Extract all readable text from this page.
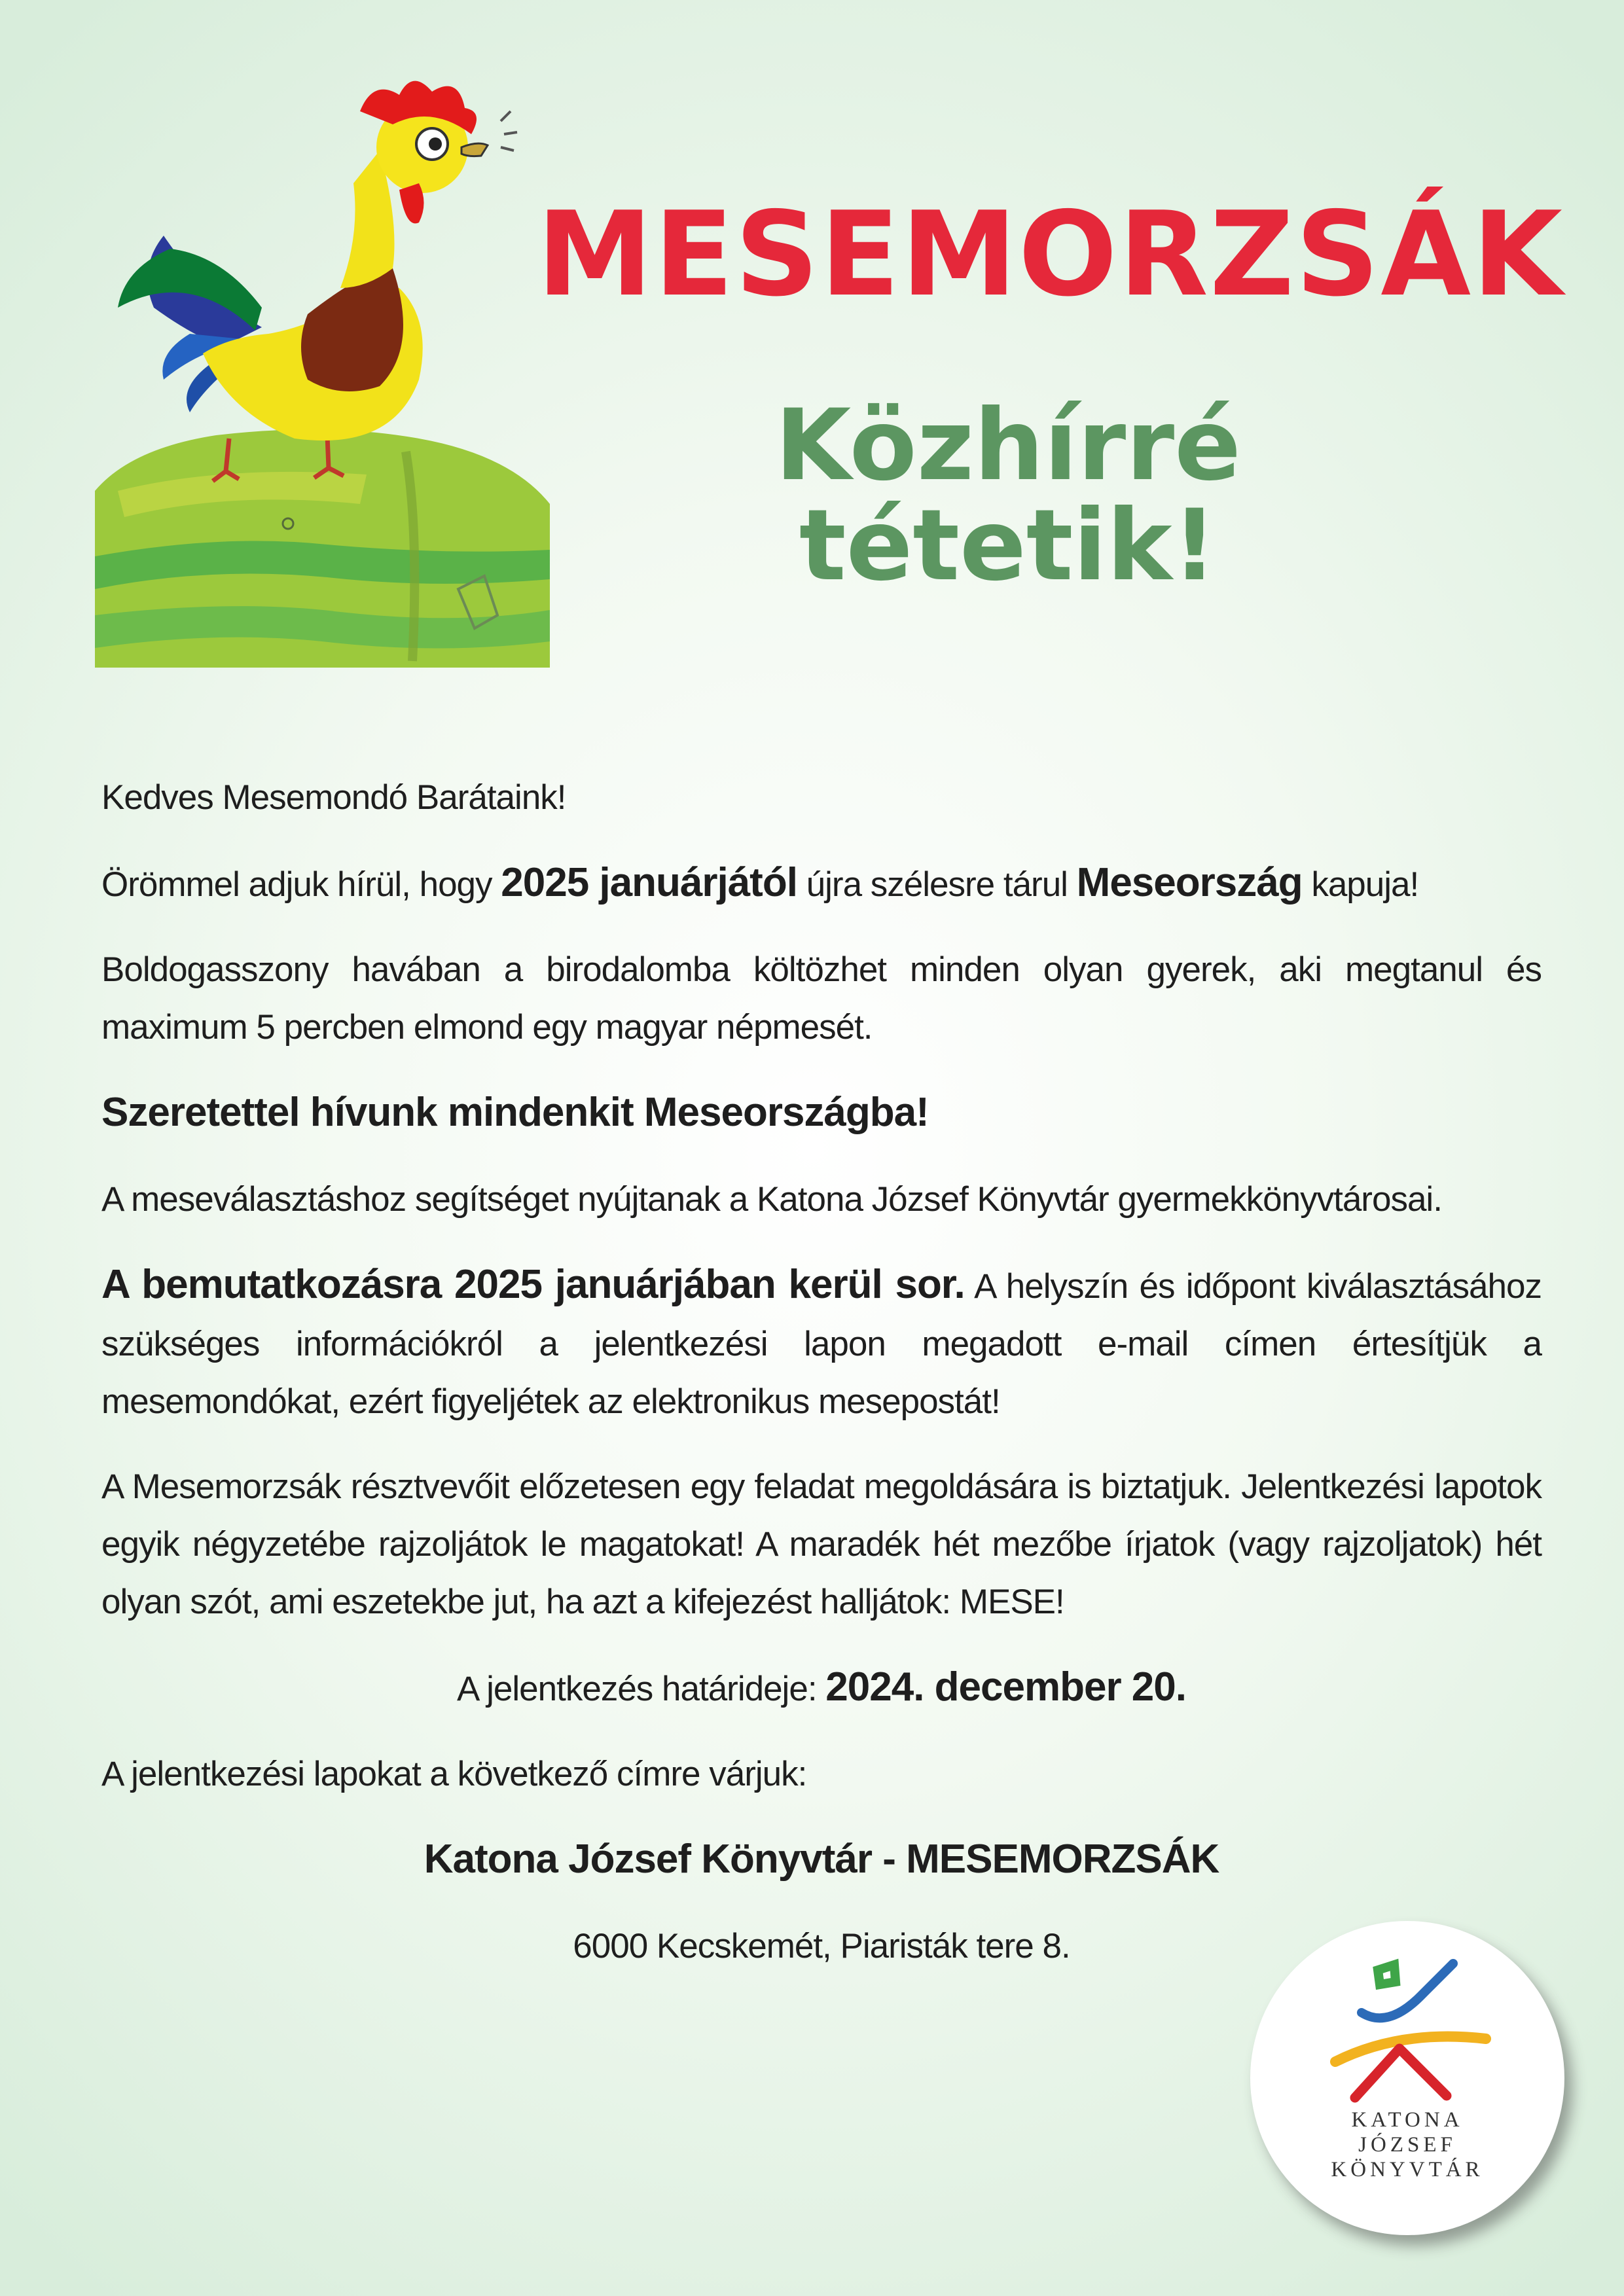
MESEMORZSÁK
Közhírré
tétetik!

Kedves Mesemondó Barátaink!

Örömmel adjuk hírül, hogy 2025 januárjától újra szélesre tárul Meseország kapuja!

Boldogasszony havában a birodalomba költözhet minden olyan gyerek, aki megtanul és maximum 5 percben elmond egy magyar népmesét.

Szeretettel hívunk mindenkit Meseországba!

A meseválasztáshoz segítséget nyújtanak a Katona József Könyvtár gyermekkönyvtárosai.

A bemutatkozásra 2025 januárjában kerül sor. A helyszín és időpont kiválasztásához szükséges információkról a jelentkezési lapon megadott e-mail címen értesítjük a mesemondókat, ezért figyeljétek az elektronikus mesepostát!

A Mesemorzsák résztvevőit előzetesen egy feladat megoldására is biztatjuk. Jelentkezési lapotok egyik négyzetébe rajzoljátok le magatokat! A maradék hét mezőbe írjatok (vagy rajzoljatok) hét olyan szót, ami eszetekbe jut, ha azt a kifejezést halljátok: MESE!

A jelentkezés határideje: 2024. december 20.

A jelentkezési lapokat a következő címre várjuk:

Katona József Könyvtár - MESEMORZSÁK

6000 Kecskemét, Piaristák tere 8.

KATONA
JÓZSEF
KÖNYVTÁR
